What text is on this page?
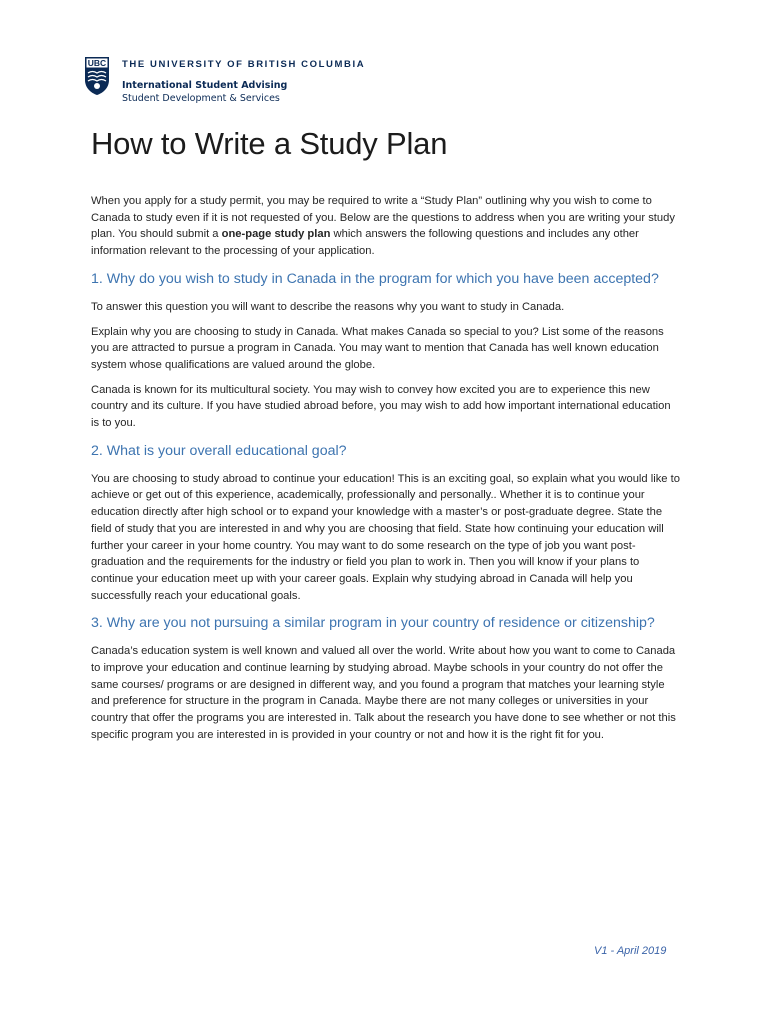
UBC THE UNIVERSITY OF BRITISH COLUMBIA
International Student Advising
Student Development & Services
How to Write a Study Plan

When you apply for a study permit, you may be required to write a “Study Plan” outlining why you wish to come to Canada to study even if it is not requested of you. Below are the questions to address when you are writing your study plan. You should submit a one-page study plan which answers the following questions and includes any other information relevant to the processing of your application.

1. Why do you wish to study in Canada in the program for which you have been accepted?

To answer this question you will want to describe the reasons why you want to study in Canada.

Explain why you are choosing to study in Canada. What makes Canada so special to you? List some of the reasons you are attracted to pursue a program in Canada. You may want to mention that Canada has well known education system whose qualifications are valued around the globe.

Canada is known for its multicultural society. You may wish to convey how excited you are to experience this new country and its culture. If you have studied abroad before, you may wish to add how important international education is to you.

2. What is your overall educational goal?

You are choosing to study abroad to continue your education! This is an exciting goal, so explain what you would like to achieve or get out of this experience, academically, professionally and personally.. Whether it is to continue your education directly after high school or to expand your knowledge with a master’s or post-graduate degree. State the field of study that you are interested in and why you are choosing that field. State how continuing your education will further your career in your home country. You may want to do some research on the type of job you want post-graduation and the requirements for the industry or field you plan to work in. Then you will know if your plans to continue your education meet up with your career goals. Explain why studying abroad in Canada will help you successfully reach your educational goals.

3. Why are you not pursuing a similar program in your country of residence or citizenship?

Canada’s education system is well known and valued all over the world. Write about how you want to come to Canada to improve your education and continue learning by studying abroad. Maybe schools in your country do not offer the same courses/ programs or are designed in different way, and you found a program that matches your learning style and preference for structure in the program in Canada. Maybe there are not many colleges or universities in your country that offer the programs you are interested in. Talk about the research you have done to see whether or not this specific program you are interested in is provided in your country or not and how it is the right fit for you.

V1 - April 2019
